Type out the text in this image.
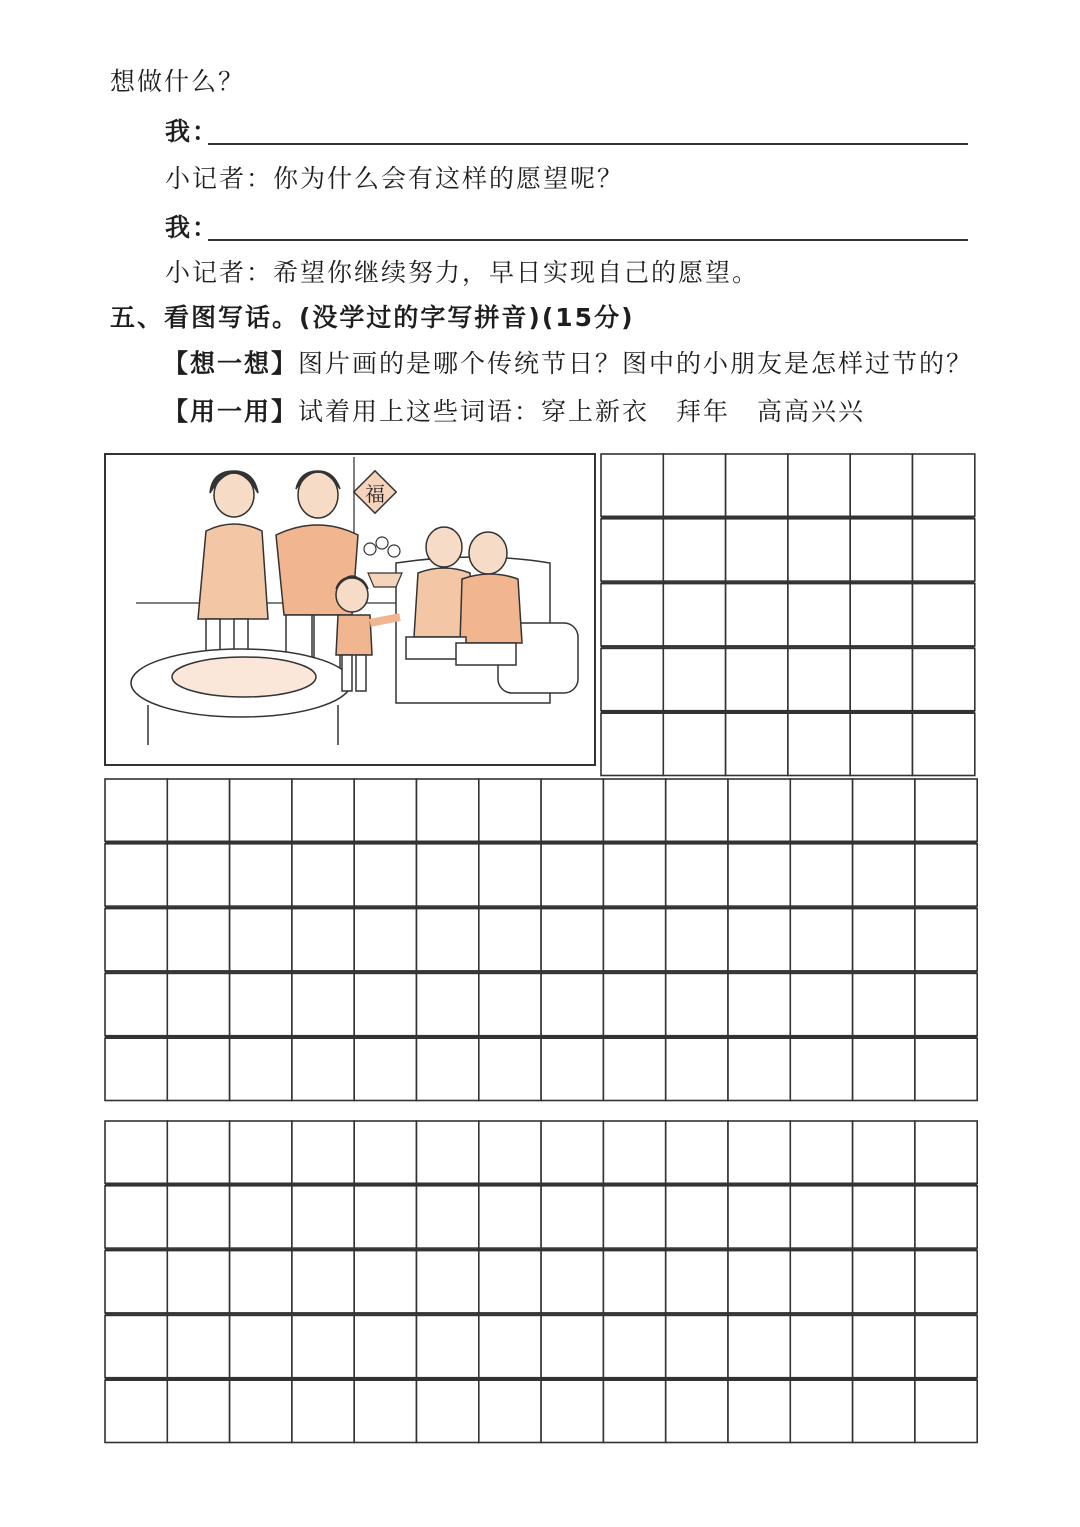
想做什么？
我：
小记者：你为什么会有这样的愿望呢？
我：
小记者：希望你继续努力，早日实现自己的愿望。
五、看图写话。(没学过的字写拼音)(15分)
【想一想】图片画的是哪个传统节日？图中的小朋友是怎样过节的？
【用一用】试着用上这些词语：穿上新衣　拜年　高高兴兴
福
